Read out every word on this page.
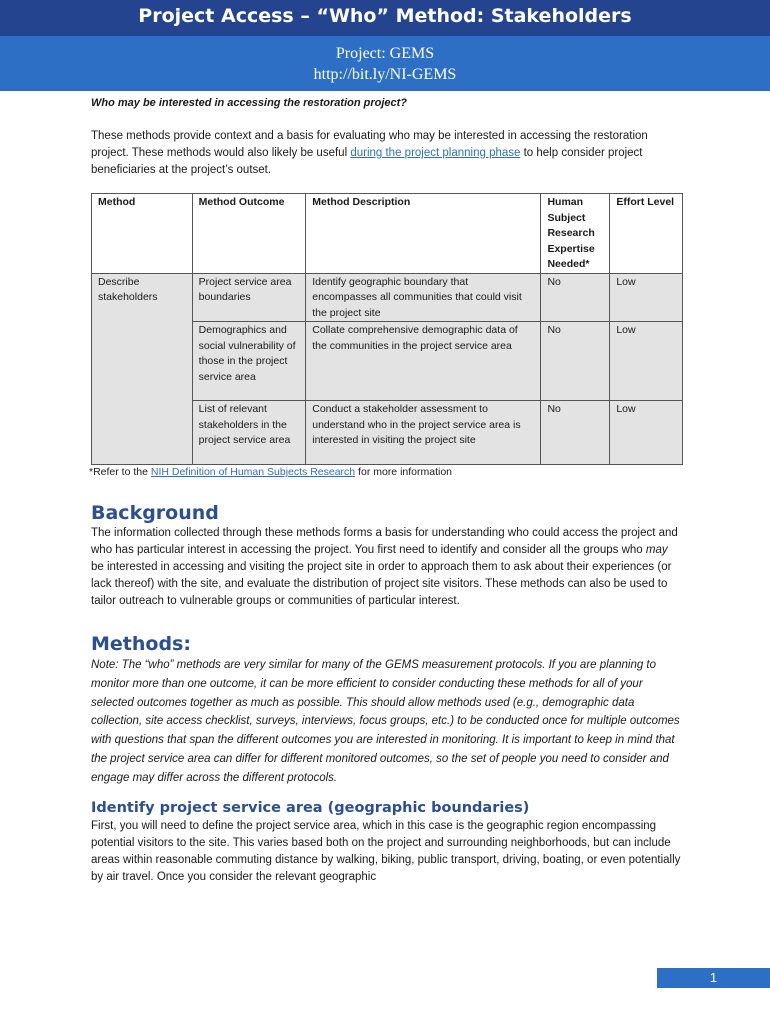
Project Access – “Who” Method: Stakeholders
Project: GEMS
http://bit.ly/NI-GEMS

Who may be interested in accessing the restoration project?

These methods provide context and a basis for evaluating who may be interested in accessing the restoration project. These methods would also likely be useful during the project planning phase to help consider project beneficiaries at the project’s outset.

Method	Method Outcome	Method Description	Human Subject Research Expertise Needed*	Effort Level
Describe stakeholders	Project service area boundaries	Identify geographic boundary that encompasses all communities that could visit the project site	No	Low
	Demographics and social vulnerability of those in the project service area	Collate comprehensive demographic data of the communities in the project service area	No	Low
	List of relevant stakeholders in the project service area	Conduct a stakeholder assessment to understand who in the project service area is interested in visiting the project site	No	Low

*Refer to the NIH Definition of Human Subjects Research for more information

Background

The information collected through these methods forms a basis for understanding who could access the project and who has particular interest in accessing the project. You first need to identify and consider all the groups who may be interested in accessing and visiting the project site in order to approach them to ask about their experiences (or lack thereof) with the site, and evaluate the distribution of project site visitors. These methods can also be used to tailor outreach to vulnerable groups or communities of particular interest.

Methods:

Note: The “who” methods are very similar for many of the GEMS measurement protocols. If you are planning to monitor more than one outcome, it can be more efficient to consider conducting these methods for all of your selected outcomes together as much as possible. This should allow methods used (e.g., demographic data collection, site access checklist, surveys, interviews, focus groups, etc.) to be conducted once for multiple outcomes with questions that span the different outcomes you are interested in monitoring. It is important to keep in mind that the project service area can differ for different monitored outcomes, so the set of people you need to consider and engage may differ across the different protocols.

Identify project service area (geographic boundaries)

First, you will need to define the project service area, which in this case is the geographic region encompassing potential visitors to the site. This varies based both on the project and surrounding neighborhoods, but can include areas within reasonable commuting distance by walking, biking, public transport, driving, boating, or even potentially by air travel. Once you consider the relevant geographic

1
